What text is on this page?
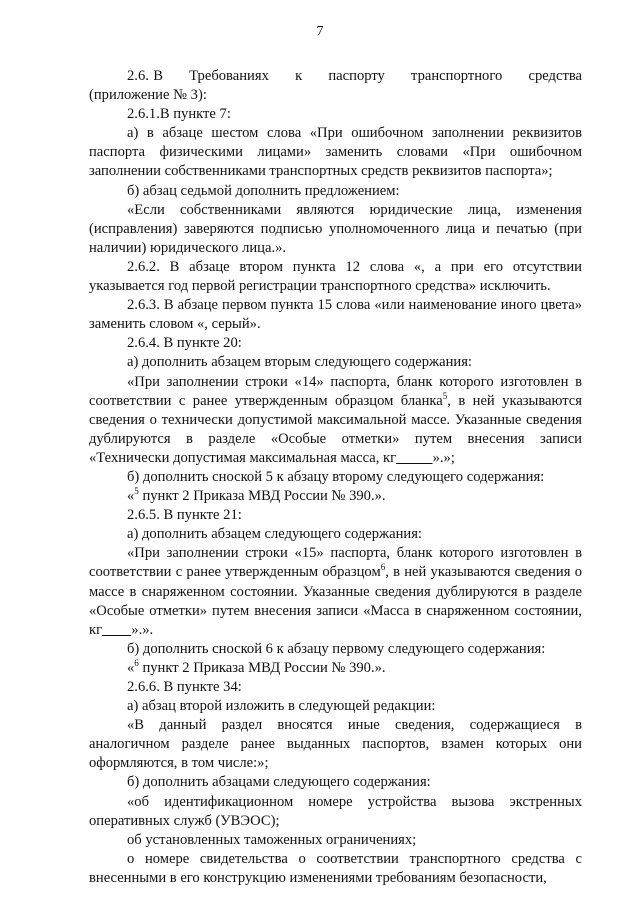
7

2.6. В      Требованиях      к      паспорту      транспортного      средства (приложение № 3):

2.6.1.В пункте 7:

а) в абзаце шестом слова «При ошибочном заполнении реквизитов паспорта физическими лицами» заменить словами «При ошибочном заполнении собственниками транспортных средств реквизитов паспорта»;

б) абзац седьмой дополнить предложением:

«Если собственниками являются юридические лица, изменения (исправления) заверяются подписью уполномоченного лица и печатью (при наличии) юридического лица.».

2.6.2. В абзаце втором пункта 12 слова «, а при его отсутствии указывается год первой регистрации транспортного средства» исключить.

2.6.3. В абзаце первом пункта 15 слова «или наименование иного цвета» заменить словом «, серый».

2.6.4. В пункте 20:

а) дополнить абзацем вторым следующего содержания:

«При заполнении строки «14» паспорта, бланк которого изготовлен в соответствии с ранее утвержденным образцом бланка$^5$, в ней указываются сведения о технически допустимой максимальной массе. Указанные сведения дублируются в разделе «Особые отметки» путем внесения записи «Технически допустимая максимальная масса, кг ».»;

б) дополнить сноской 5 к абзацу второму следующего содержания:

«$^5$ пункт 2 Приказа МВД России № 390.».

2.6.5. В пункте 21:

а) дополнить абзацем следующего содержания:

«При заполнении строки «15» паспорта, бланк которого изготовлен в соответствии с ранее утвержденным образцом$^6$, в ней указываются сведения о массе в снаряженном состоянии. Указанные сведения дублируются в разделе «Особые отметки» путем внесения записи «Масса в снаряженном состоянии, кг ».».

б) дополнить сноской 6 к абзацу первому следующего содержания:

«$^6$ пункт 2 Приказа МВД России № 390.».

2.6.6. В пункте 34:

а) абзац второй изложить в следующей редакции:

«В данный раздел вносятся иные сведения, содержащиеся в аналогичном разделе ранее выданных паспортов, взамен которых они оформляются, в том числе:»;

б) дополнить абзацами следующего содержания:

«об идентификационном номере устройства вызова экстренных оперативных служб (УВЭОС);

об установленных таможенных ограничениях;

о номере свидетельства о соответствии транспортного средства с внесенными в его конструкцию изменениями требованиям безопасности,
